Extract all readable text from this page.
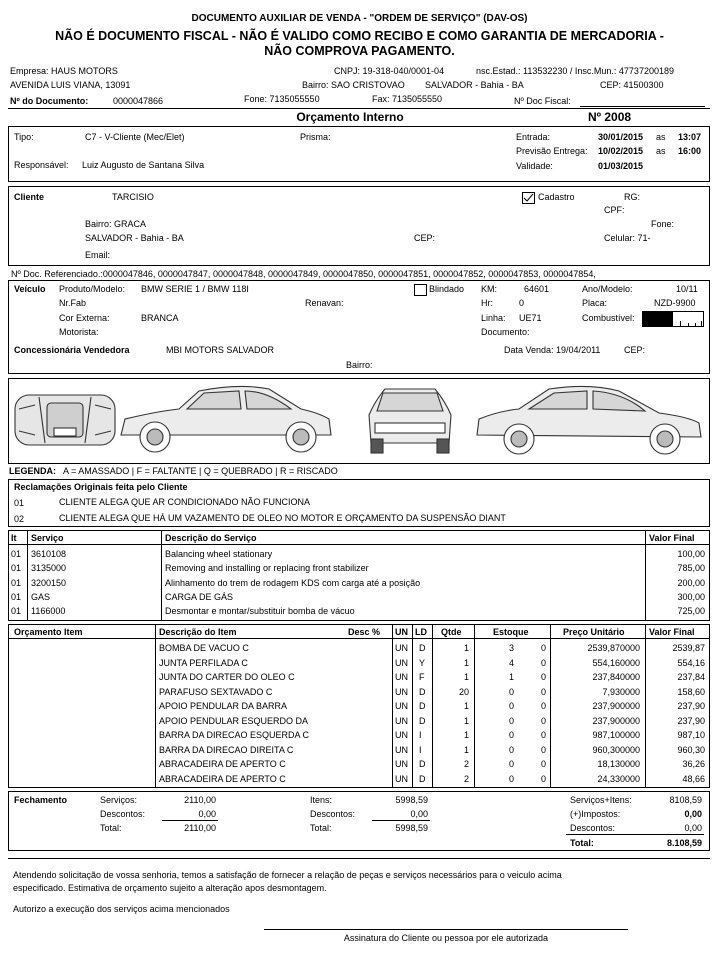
DOCUMENTO AUXILIAR DE VENDA - "ORDEM DE SERVIÇO" (DAV-OS)
NÃO É DOCUMENTO FISCAL - NÃO É VALIDO COMO RECIBO E COMO GARANTIA DE MERCADORIA -
NÃO COMPROVA PAGAMENTO.
Empresa: HAUS MOTORS
AVENIDA LUIS VIANA, 13091
CNPJ: 19-318-040/0001-04	nsc.Estad.: 113532230 / Insc.Mun.: 47737200189
Bairro: SAO CRISTOVAO SALVADOR - Bahia - BA	CEP: 41500300
Nº do Documento:	0000047866	Fone: 7135055550	Fax: 7135055550	Nº Doc Fiscal:
Orçamento Interno	Nº 2008
Tipo:	C7 - V-Cliente (Mec/Elet)	Prisma:
Responsável: Luiz Augusto de Santana Silva
Entrada:	30/01/2015 as 13:07
Previsão Entrega: 10/02/2015 as 16:00
Validade:	01/03/2015
Cliente	TARCISIO	Cadastro	RG:
CPF:
Fone:
Bairro: GRACA
SALVADOR - Bahia - BA	CEP:	Celular: 71-
Email:
Nº Doc. Referenciado.:0000047846, 0000047847, 0000047848, 0000047849, 0000047850, 0000047851, 0000047852, 0000047853, 0000047854,
Veículo Produto/Modelo: BMW SERIE 1 / BMW 118I	Blindado KM:	64601	Ano/Modelo:	10/11
Nr.Fab	Renavan:	Hr:	0	Placa:	NZD-9900
Cor Externa:	BRANCA	Linha: UE71	Combustível:
Motorista:	Documento:
Concessionária Vendedora	MBI MOTORS SALVADOR	Data Venda: 19/04/2011	CEP:
Bairro:
LEGENDA: A = AMASSADO | F = FALTANTE | Q = QUEBRADO | R = RISCADO
Reclamações Originais feita pelo Cliente
01	CLIENTE ALEGA QUE AR CONDICIONADO NÃO FUNCIONA
02	CLIENTE ALEGA QUE HÁ UM VAZAMENTO DE OLEO NO MOTOR E ORÇAMENTO DA SUSPENSÃO DIANT
It Serviço	Descrição do Serviço	Valor Final
01 3610108	Balancing wheel stationary	100,00
01 3135000	Removing and installing or replacing front stabilizer	785,00
01 3200150	Alinhamento do trem de rodagem KDS com carga até a posição	200,00
01 GAS	CARGA DE GÁS	300,00
01 1166000	Desmontar e montar/substituir bomba de vácuo	725,00
Orçamento Item	Descrição do Item	Desc % UN LD Qtde	Estoque	Preço Unitário	Valor Final
BOMBA DE VACUO C	UN D	1	3	0	2539,870000	2539,87
JUNTA PERFILADA C	UN Y	1	4	0	554,160000	554,16
JUNTA DO CARTER DO OLEO C	UN F	1	1	0	237,840000	237,84
PARAFUSO SEXTAVADO C	UN D	20	0	0	7,930000	158,60
APOIO PENDULAR DA BARRA	UN D	1	0	0	237,900000	237,90
APOIO PENDULAR ESQUERDO DA	UN D	1	0	0	237,900000	237,90
BARRA DA DIRECAO ESQUERDA C	UN I	1	0	0	987,100000	987,10
BARRA DA DIRECAO DIREITA C	UN I	1	0	0	960,300000	960,30
ABRACADEIRA DE APERTO C	UN D	2	0	0	18,130000	36,26
ABRACADEIRA DE APERTO C	UN D	2	0	0	24,330000	48,66
Fechamento	Serviços:	2110,00
Descontos:	0,00
Total:	2110,00
Itens:	5998,59
Descontos:	0,00
Total:	5998,59
Serviços+Itens:	8108,59
(+)Impostos:	0,00
Descontos:	0,00
Total:	8.108,59
Atendendo solicitação de vossa senhoria, temos a satisfação de fornecer a relação de peças e serviços necessários para o veiculo acima
especificado. Estimativa de orçamento sujeito a alteração apos desmontagem.
Autorizo a execução dos serviços acima mencionados
Assinatura do Cliente ou pessoa por ele autorizada
